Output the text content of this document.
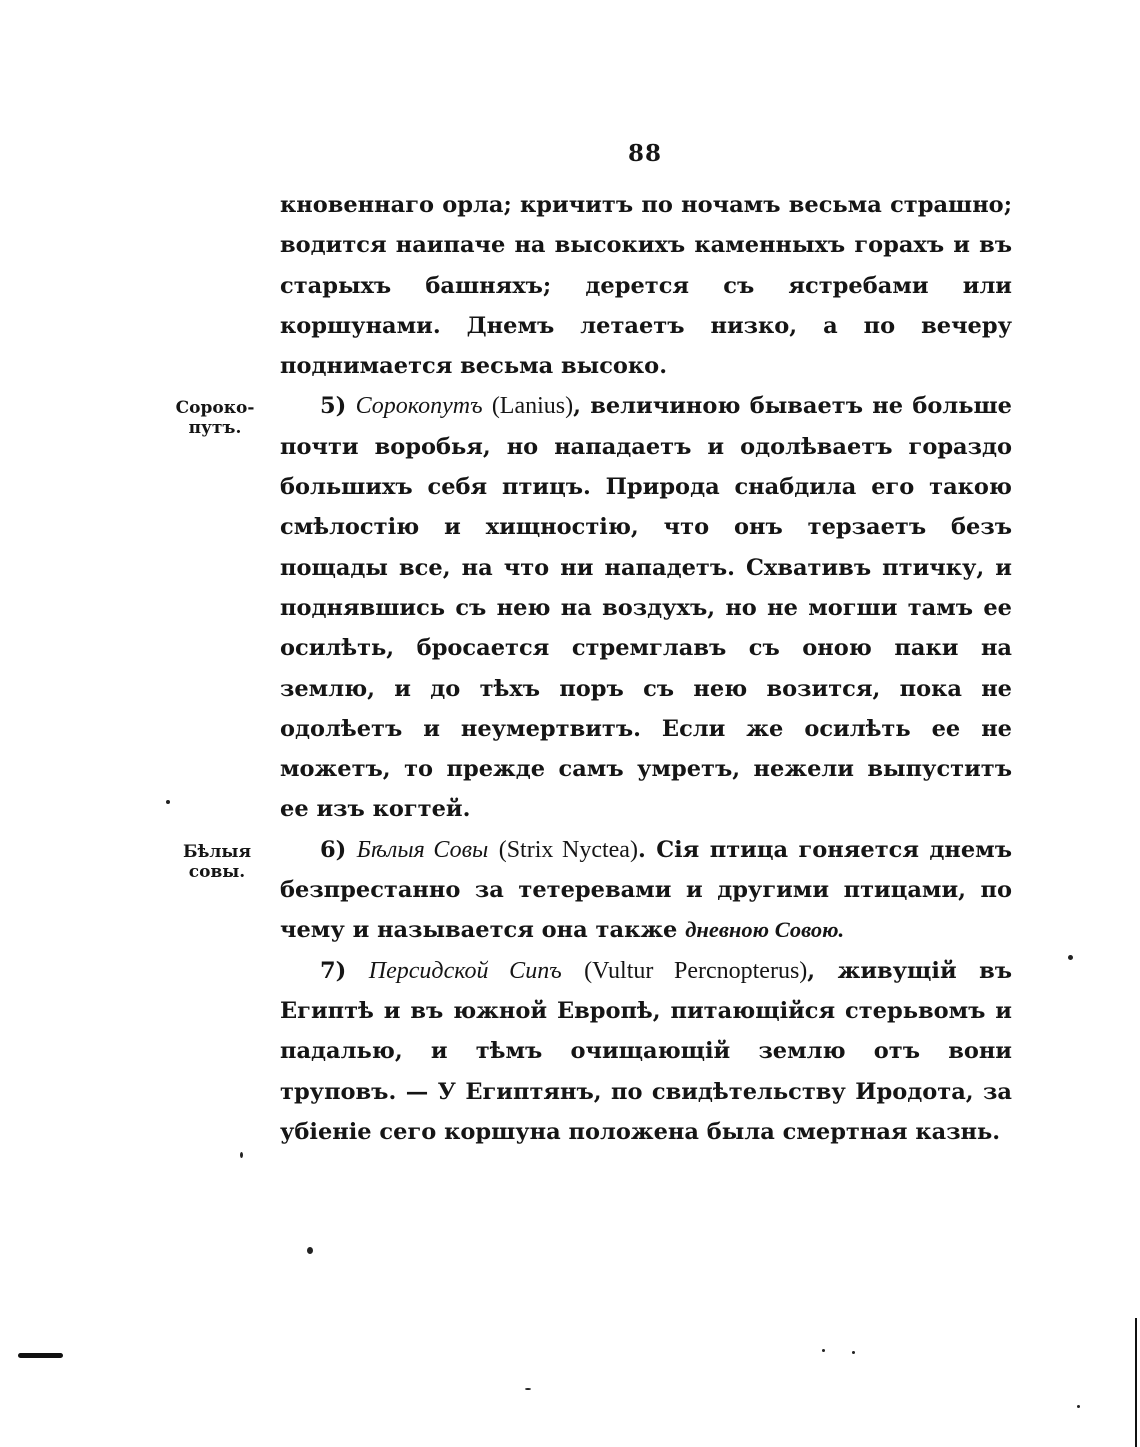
88
Сороко-
путъ.
Бѣлыя
совы.

кновеннаго орла; кричитъ по ночамъ весьма страшно; водится наипаче на высокихъ каменныхъ горахъ и въ старыхъ башняхъ; дерется съ ястребами или коршунами. Днемъ летаетъ низко, а по вечеру поднимается весьма высоко.

5) Сорокопутъ (Lanius), величиною бываетъ не больше почти воробья, но нападаетъ и одолѣваетъ гораздо большихъ себя птицъ. Природа снабдила его такою смѣлостію и хищностію, что онъ терзаетъ безъ пощады все, на что ни нападетъ. Схвативъ птичку, и поднявшись съ нею на воздухъ, но не могши тамъ ее осилѣть, бросается стремглавъ съ оною паки на землю, и до тѣхъ поръ съ нею возится, пока не одолѣетъ и неумертвитъ. Если же осилѣть ее не можетъ, то прежде самъ умретъ, нежели выпуститъ ее изъ когтей.

6) Бѣлыя Совы (Strix Nyctea). Сія птица гоняется днемъ безпрестанно за тетеревами и другими птицами, по чему и называется она также дневною Совою.

7) Персидской Сипъ (Vultur Percnopterus), живущій въ Египтѣ и въ южной Европѣ, питающійся стерьвомъ и падалью, и тѣмъ очищающій землю отъ вони труповъ. — У Египтянъ, по свидѣтельству Иродота, за убіеніе сего коршуна положена была смертная казнь.
